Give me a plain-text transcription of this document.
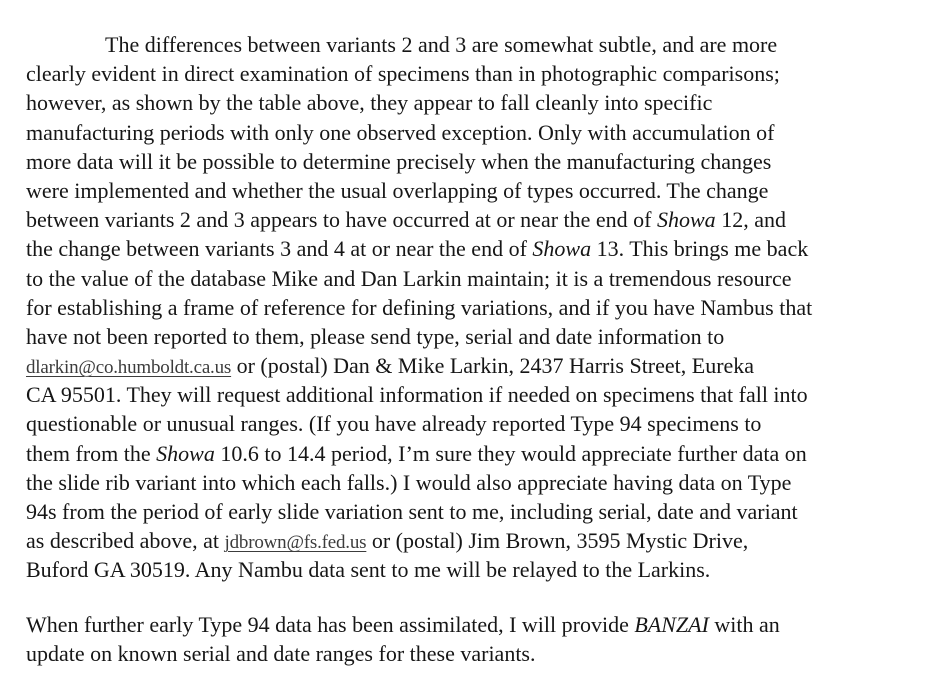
The differences between variants 2 and 3 are somewhat subtle, and are more
clearly evident in direct examination of specimens than in photographic comparisons;
however, as shown by the table above, they appear to fall cleanly into specific
manufacturing periods with only one observed exception. Only with accumulation of
more data will it be possible to determine precisely when the manufacturing changes
were implemented and whether the usual overlapping of types occurred. The change
between variants 2 and 3 appears to have occurred at or near the end of Showa 12, and
the change between variants 3 and 4 at or near the end of Showa 13. This brings me back
to the value of the database Mike and Dan Larkin maintain; it is a tremendous resource
for establishing a frame of reference for defining variations, and if you have Nambus that
have not been reported to them, please send type, serial and date information to
dlarkin@co.humboldt.ca.us or (postal) Dan & Mike Larkin, 2437 Harris Street, Eureka
CA 95501. They will request additional information if needed on specimens that fall into
questionable or unusual ranges. (If you have already reported Type 94 specimens to
them from the Showa 10.6 to 14.4 period, I’m sure they would appreciate further data on
the slide rib variant into which each falls.) I would also appreciate having data on Type
94s from the period of early slide variation sent to me, including serial, date and variant
as described above, at jdbrown@fs.fed.us or (postal) Jim Brown, 3595 Mystic Drive,
Buford GA 30519. Any Nambu data sent to me will be relayed to the Larkins.
When further early Type 94 data has been assimilated, I will provide BANZAI with an
update on known serial and date ranges for these variants.
